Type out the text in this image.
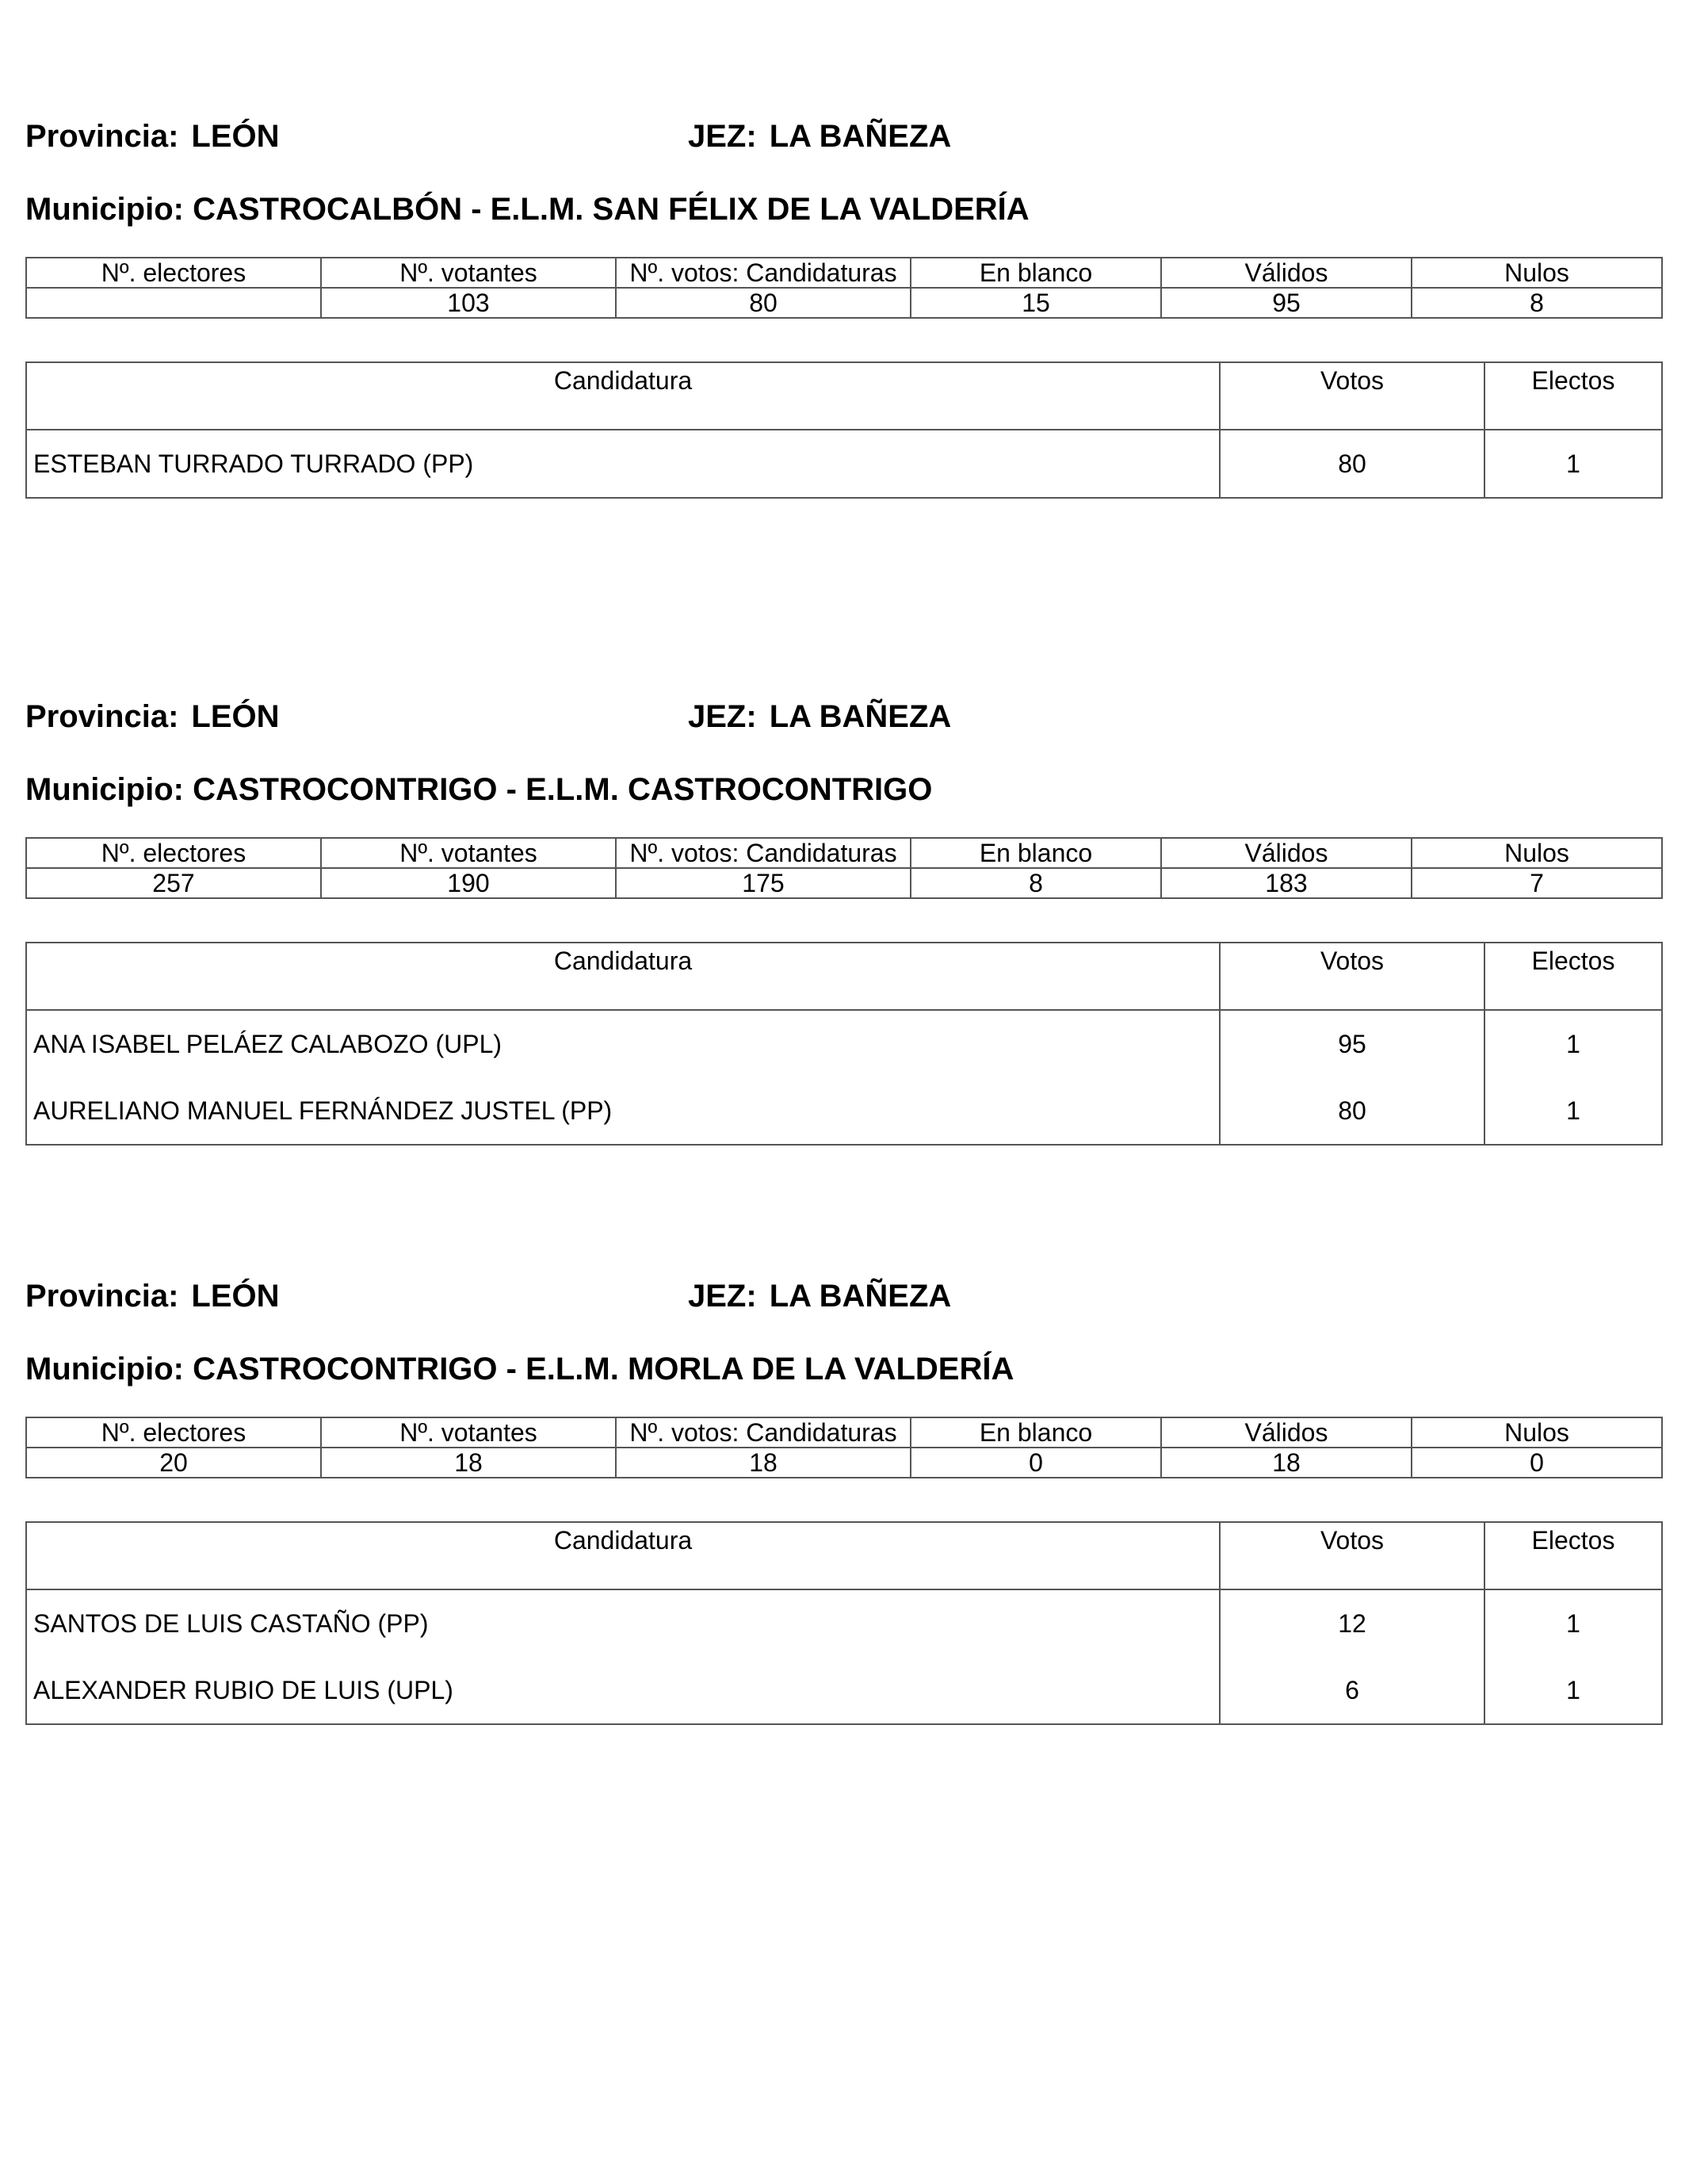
Provincia: LEÓN	JEZ: LA BAÑEZA
Municipio: CASTROCALBÓN - E.L.M. SAN FÉLIX DE LA VALDERÍA
Nº. electores	Nº. votantes	Nº. votos: Candidaturas	En blanco	Válidos	Nulos
	103	80	15	95	8
Candidatura	Votos	Electos
ESTEBAN TURRADO TURRADO (PP)	80	1
Provincia: LEÓN	JEZ: LA BAÑEZA
Municipio: CASTROCONTRIGO - E.L.M. CASTROCONTRIGO
Nº. electores	Nº. votantes	Nº. votos: Candidaturas	En blanco	Válidos	Nulos
257	190	175	8	183	7
Candidatura	Votos	Electos
ANA ISABEL PELÁEZ CALABOZO (UPL)	95	1
AURELIANO MANUEL FERNÁNDEZ JUSTEL (PP)	80	1
Provincia: LEÓN	JEZ: LA BAÑEZA
Municipio: CASTROCONTRIGO - E.L.M. MORLA DE LA VALDERÍA
Nº. electores	Nº. votantes	Nº. votos: Candidaturas	En blanco	Válidos	Nulos
20	18	18	0	18	0
Candidatura	Votos	Electos
SANTOS DE LUIS CASTAÑO (PP)	12	1
ALEXANDER RUBIO DE LUIS (UPL)	6	1
